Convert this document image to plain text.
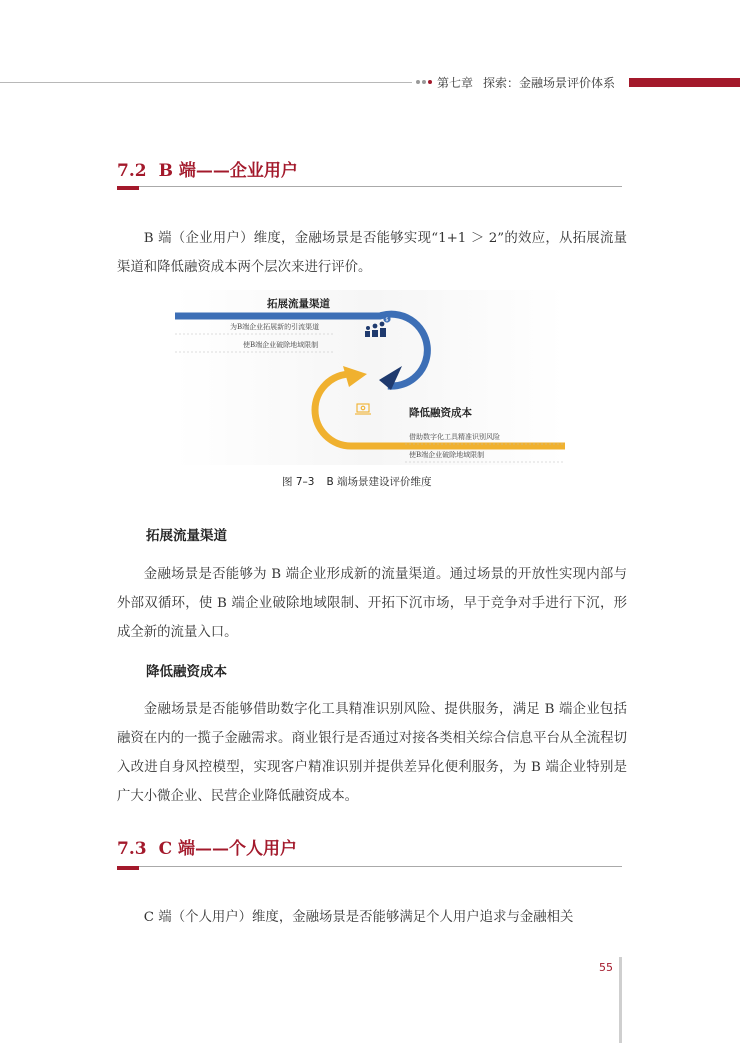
第七章 探索：金融场景评价体系
7.2 B 端——企业用户

B 端（企业用户）维度，金融场景是否能够实现“1+1 ＞ 2”的效应，从拓展流量渠道和降低融资成本两个层次来进行评价。

$
拓展流量渠道
为B端企业拓展新的引流渠道
使B端企业破除地域限制
降低融资成本
借助数字化工具精准识别风险
使B端企业破除地域限制
图 7–3 B 端场景建设评价维度
拓展流量渠道

金融场景是否能够为 B 端企业形成新的流量渠道。通过场景的开放性实现内部与外部双循环，使 B 端企业破除地域限制、开拓下沉市场，早于竞争对手进行下沉，形成全新的流量入口。

降低融资成本

金融场景是否能够借助数字化工具精准识别风险、提供服务，满足 B 端企业包括融资在内的一揽子金融需求。商业银行是否通过对接各类相关综合信息平台从全流程切入改进自身风控模型，实现客户精准识别并提供差异化便利服务，为 B 端企业特别是广大小微企业、民营企业降低融资成本。

7.3 C 端——个人用户

C 端（个人用户）维度，金融场景是否能够满足个人用户追求与金融相关

55
